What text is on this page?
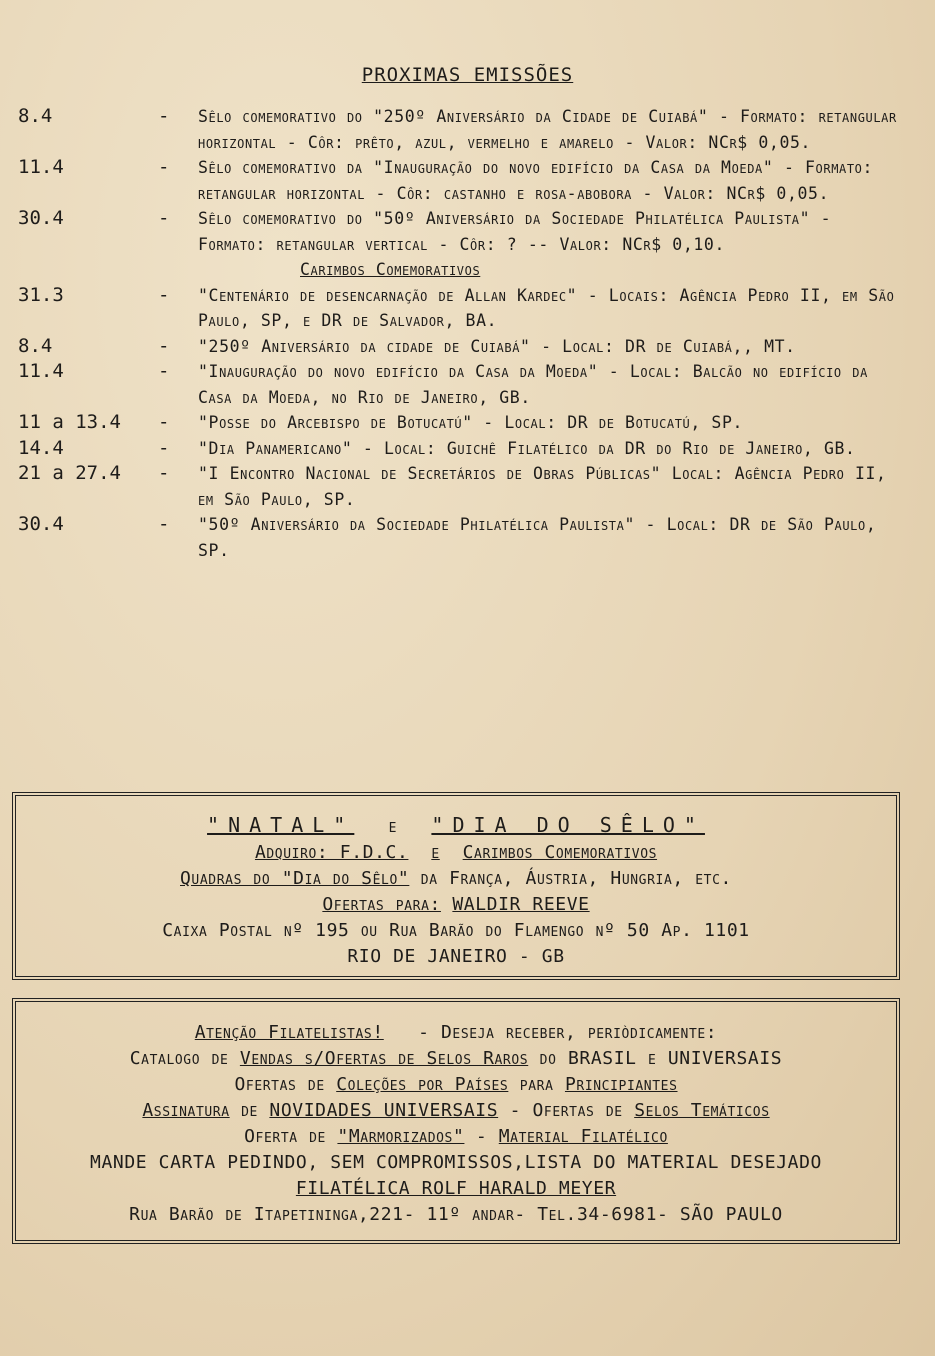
PROXIMAS EMISSÕES
8.4	-	Sêlo comemorativo do "250º Aniversário da Cidade de Cuiabá" - Formato: retangular horizontal - Côr: prêto, azul, vermelho e amarelo - Valor: NCr$ 0,05.
11.4	-	Sêlo comemorativo da "Inauguração do novo edifício da Casa da Moeda" - Formato: retangular horizontal - Côr: castanho e rosa-abobora - Valor: NCr$ 0,05.
30.4	-	Sêlo comemorativo do "50º Aniversário da Sociedade Philatélica Paulista" - Formato: retangular vertical - Côr: ? -- Valor: NCr$ 0,10.
Carimbos Comemorativos
31.3	-	"Centenário de desencarnação de Allan Kardec" - Locais: Agência Pedro II, em São Paulo, SP, e DR de Salvador, BA.
8.4	-	"250º Aniversário da cidade de Cuiabá" - Local: DR de Cuiabá,, MT.
11.4	-	"Inauguração do novo edifício da Casa da Moeda" - Local: Balcão no edifício da Casa da Moeda, no Rio de Janeiro, GB.
11 a 13.4	-	"Posse do Arcebispo de Botucatú" - Local: DR de Botucatú, SP.
14.4	-	"Dia Panamericano" - Local: Guichê Filatélico da DR do Rio de Janeiro, GB.
21 a 27.4	-	"I Encontro Nacional de Secretários de Obras Públicas" Local: Agência Pedro II, em São Paulo, SP.
30.4	-	"50º Aniversário da Sociedade Philatélica Paulista" - Local: DR de São Paulo, SP.
"NATAL" e "DIA DO SÊLO"
Adquiro: F.D.C. e Carimbos Comemorativos
Quadras do "Dia do Sêlo" da França, Áustria, Hungria, etc.
Ofertas para: WALDIR REEVE
Caixa Postal nº 195 ou Rua Barão do Flamengo nº 50 Ap. 1101
RIO DE JANEIRO - GB
Atenção Filatelistas! - Deseja receber, periòdicamente:
Catalogo de Vendas s/Ofertas de Selos Raros do BRASIL e UNIVERSAIS
Ofertas de Coleções por Países para Principiantes
Assinatura de NOVIDADES UNIVERSAIS - Ofertas de Selos Temáticos
Oferta de "Marmorizados" - Material Filatélico
MANDE CARTA PEDINDO, SEM COMPROMISSOS,LISTA DO MATERIAL DESEJADO
FILATÉLICA ROLF HARALD MEYER
Rua Barão de Itapetininga,221- 11º andar- Tel.34-6981- SÃO PAULO
